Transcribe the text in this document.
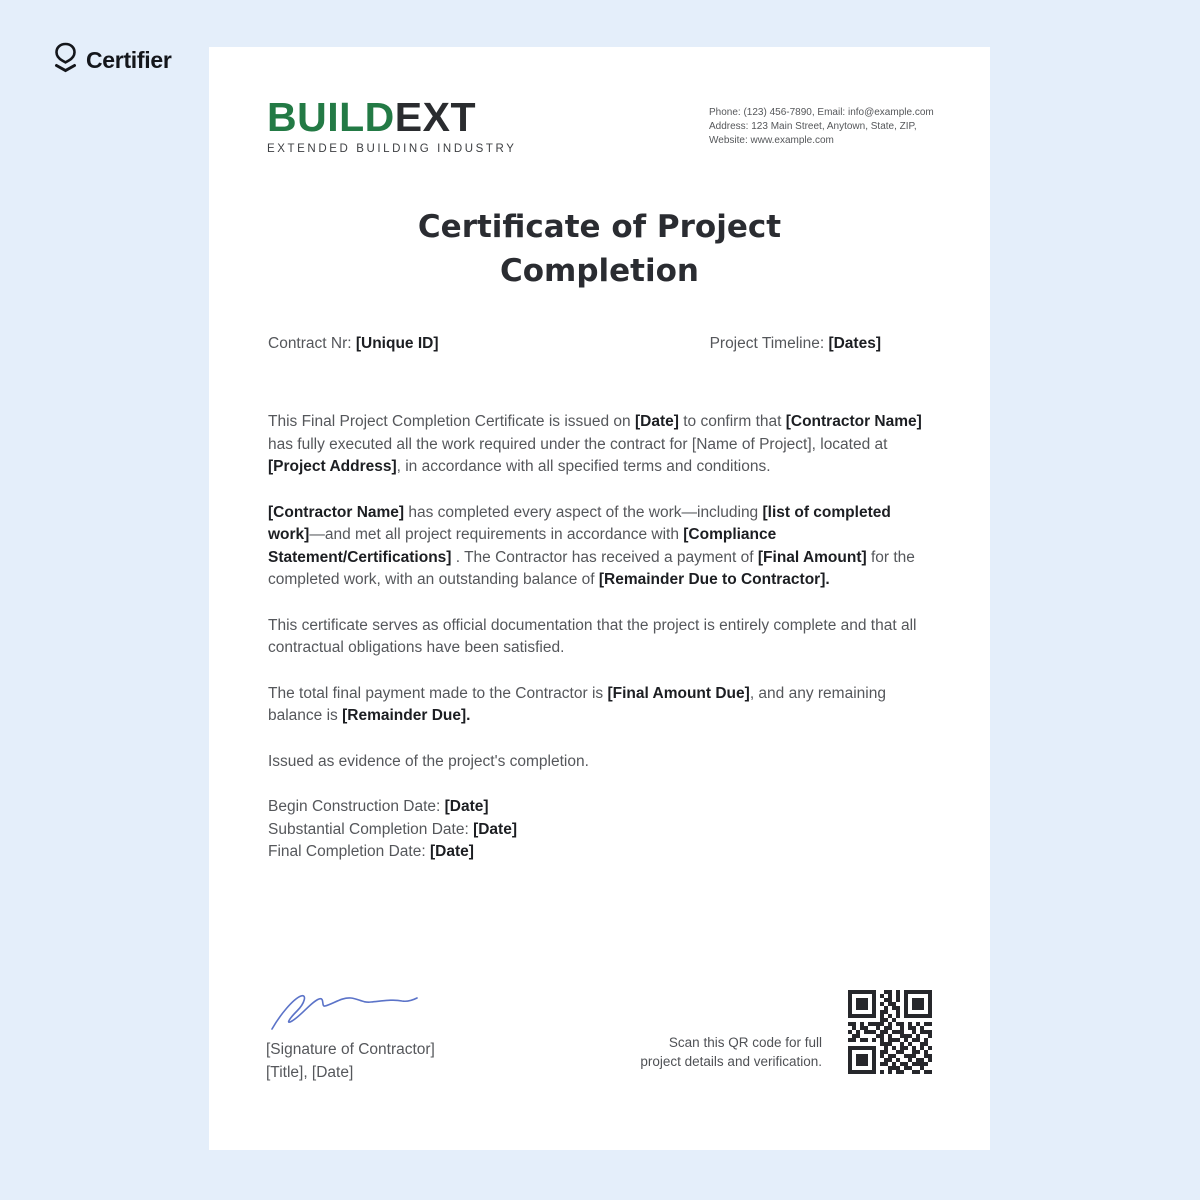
Certifier
BUILDEXT
EXTENDED BUILDING INDUSTRY
Phone: (123) 456-7890, Email: info@example.com
Address: 123 Main Street, Anytown, State, ZIP,
Website: www.example.com
Certificate of Project Completion
Contract Nr: [Unique ID]	Project Timeline: [Dates]

This Final Project Completion Certificate is issued on [Date] to confirm that [Contractor Name] has fully executed all the work required under the contract for [Name of Project], located at [Project Address], in accordance with all specified terms and conditions.

[Contractor Name] has completed every aspect of the work—including [list of completed work]—and met all project requirements in accordance with [Compliance Statement/Certifications] . The Contractor has received a payment of [Final Amount] for the completed work, with an outstanding balance of [Remainder Due to Contractor].

This certificate serves as official documentation that the project is entirely complete and that all contractual obligations have been satisfied.

The total final payment made to the Contractor is [Final Amount Due], and any remaining balance is [Remainder Due].

Issued as evidence of the project's completion.

Begin Construction Date: [Date]
Substantial Completion Date: [Date]
Final Completion Date: [Date]
[Signature of Contractor]
[Title], [Date]
Scan this QR code for full
project details and verification.
